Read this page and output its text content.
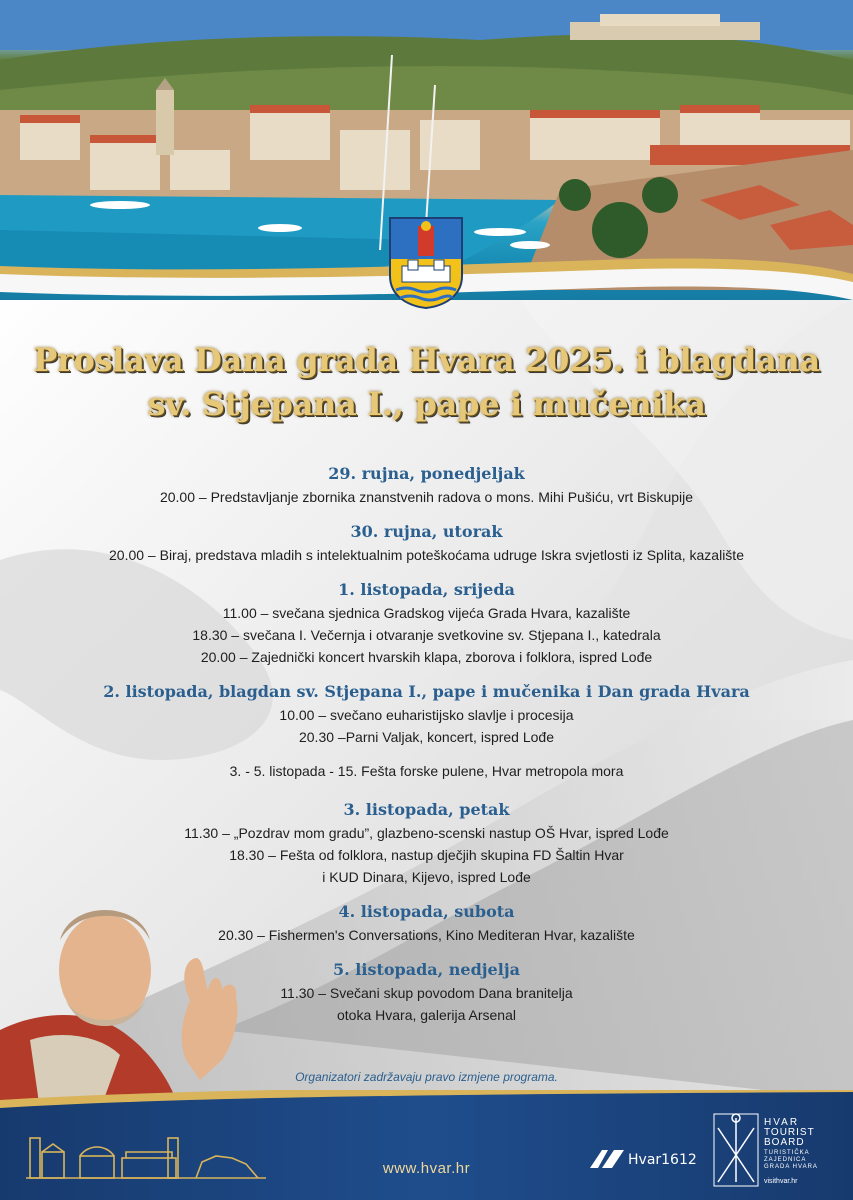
Proslava Dana grada Hvara 2025. i blagdana
sv. Stjepana I., pape i mučenika
29. rujna, ponedjeljak
20.00 – Predstavljanje zbornika znanstvenih radova o mons. Mihi Pušiću, vrt Biskupije
30. rujna, utorak
20.00 – Biraj, predstava mladih s intelektualnim poteškoćama udruge Iskra svjetlosti iz Splita, kazalište
1. listopada, srijeda
11.00 – svečana sjednica Gradskog vijeća Grada Hvara, kazalište
18.30 – svečana I. Večernja i otvaranje svetkovine sv. Stjepana I., katedrala
20.00 – Zajednički koncert hvarskih klapa, zborova i folklora, ispred Lođe
2. listopada, blagdan sv. Stjepana I., pape i mučenika i Dan grada Hvara
10.00 – svečano euharistijsko slavlje i procesija
20.30 –Parni Valjak, koncert, ispred Lođe
3. - 5. listopada - 15. Fešta forske pulene, Hvar metropola mora
3. listopada, petak
11.30 – „Pozdrav mom gradu”, glazbeno-scenski nastup OŠ Hvar, ispred Lođe
18.30 – Fešta od folklora, nastup dječjih skupina FD Šaltin Hvar
i KUD Dinara, Kijevo, ispred Lođe
4. listopada, subota
20.30 – Fishermen's Conversations, Kino Mediteran Hvar, kazalište
5. listopada, nedjelja
11.30 – Svečani skup povodom Dana branitelja
otoka Hvara, galerija Arsenal
Organizatori zadržavaju pravo izmjene programa.
www.hvar.hr	Hvar1612
HVAR
TOURIST
BOARD
TURISTIČKA
ZAJEDNICA
GRADA HVARA
visithvar.hr
